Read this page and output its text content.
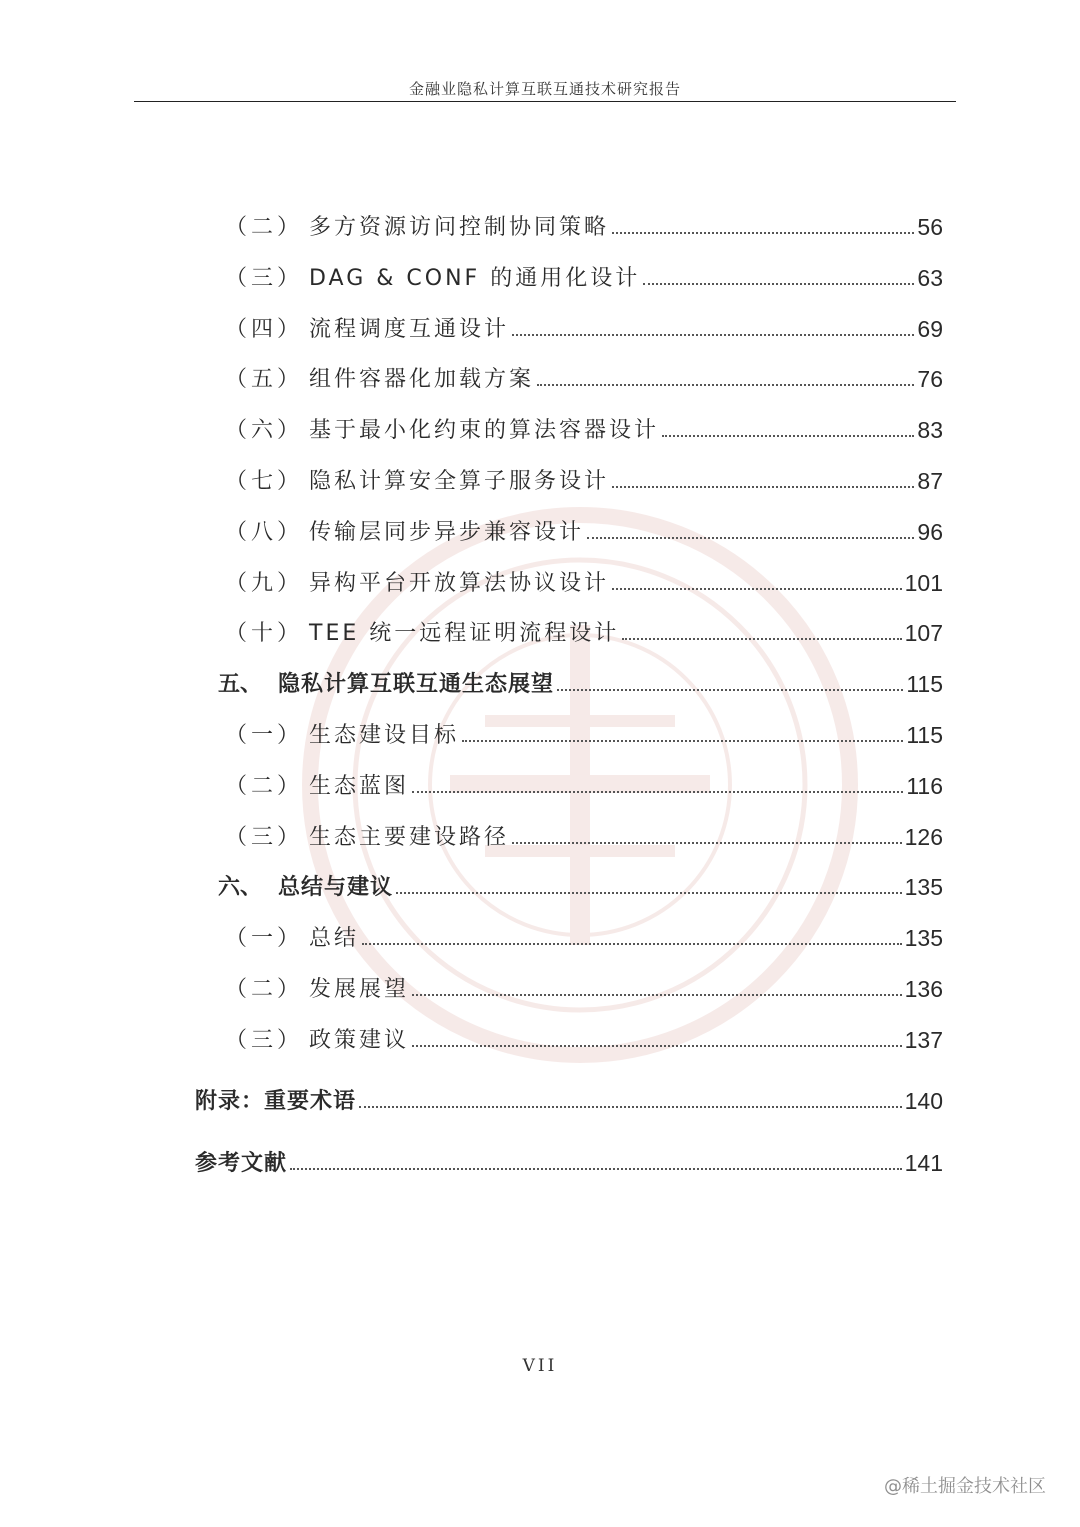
金融业隐私计算互联互通技术研究报告
（二） 多方资源访问控制协同策略	56
（三） DAG & CONF 的通用化设计	63
（四） 流程调度互通设计	69
（五） 组件容器化加载方案	76
（六） 基于最小化约束的算法容器设计	83
（七） 隐私计算安全算子服务设计	87
（八） 传输层同步异步兼容设计	96
（九） 异构平台开放算法协议设计	101
（十） TEE 统一远程证明流程设计	107
五、 隐私计算互联互通生态展望	115
（一） 生态建设目标	115
（二） 生态蓝图	116
（三） 生态主要建设路径	126
六、 总结与建议	135
（一） 总结	135
（二） 发展展望	136
（三） 政策建议	137
附录：重要术语	140
参考文献	141
VII
@稀土掘金技术社区
